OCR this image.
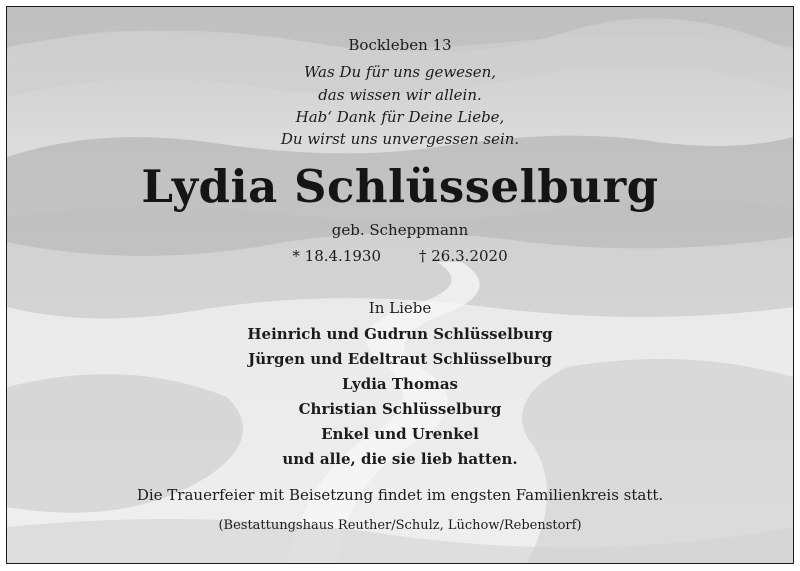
Bockleben 13
Was Du für uns gewesen,
das wissen wir allein.
Hab‘ Dank für Deine Liebe,
Du wirst uns unvergessen sein.
Lydia Schlüsselburg
geb. Scheppmann
* 18.4.1930	† 26.3.2020
In Liebe
Heinrich und Gudrun Schlüsselburg
Jürgen und Edeltraut Schlüsselburg
Lydia Thomas
Christian Schlüsselburg
Enkel und Urenkel
und alle, die sie lieb hatten.
Die Trauerfeier mit Beisetzung findet im engsten Familienkreis statt.
(Bestattungshaus Reuther/Schulz, Lüchow/Rebenstorf)
